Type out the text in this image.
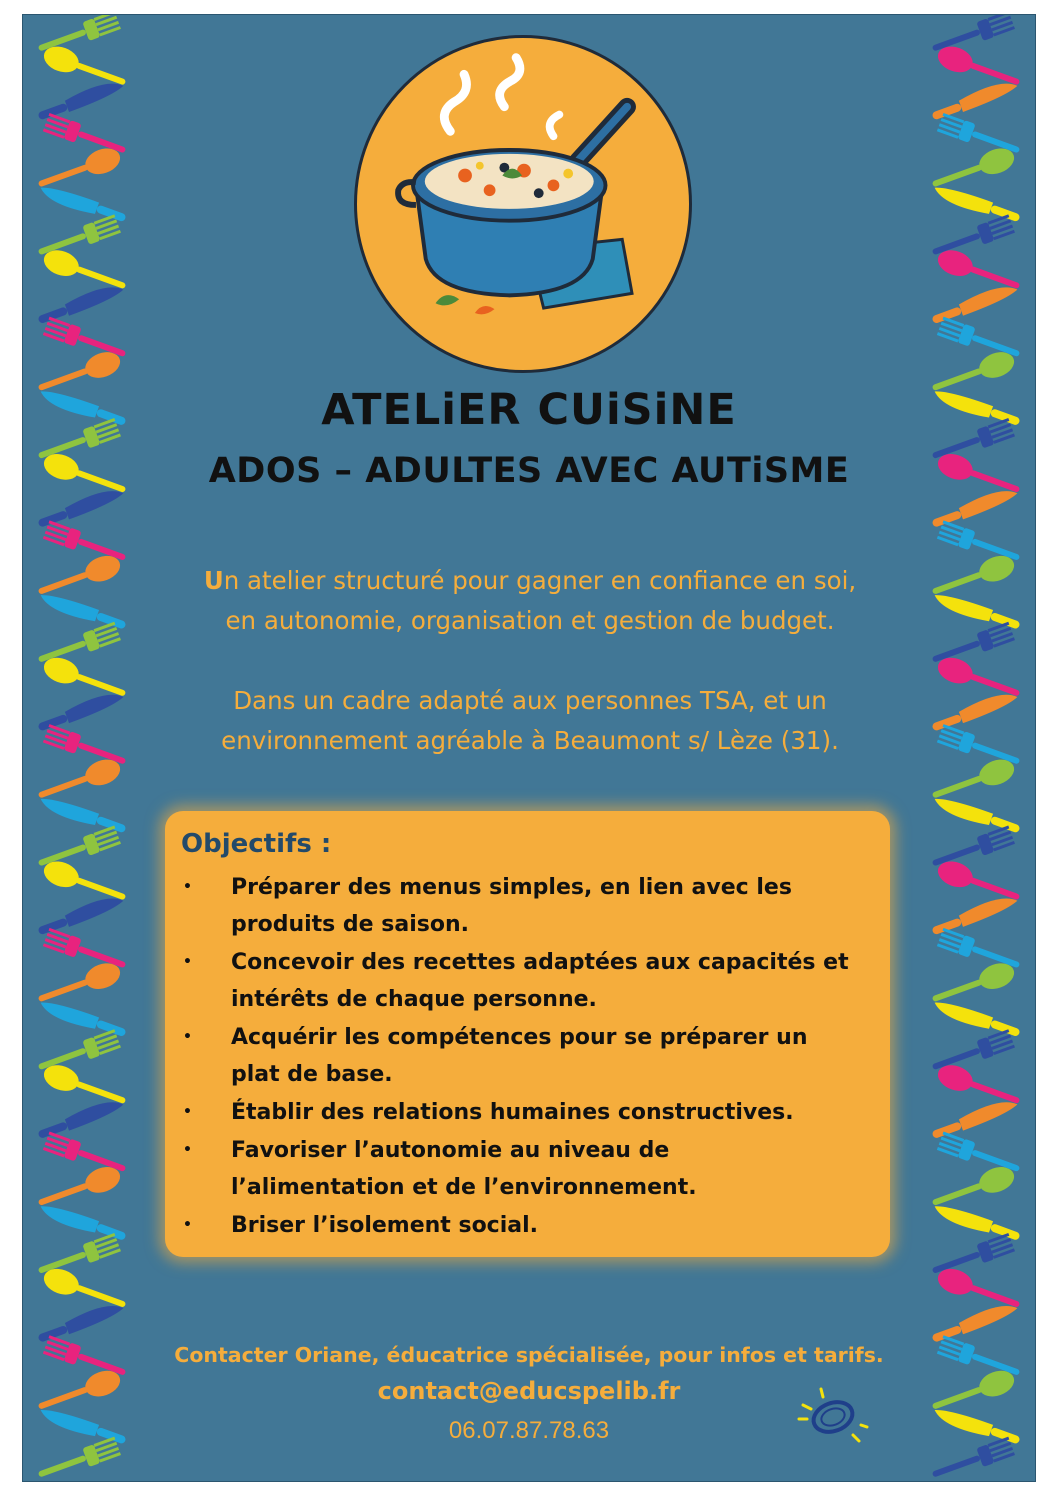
ATELiER CUiSiNE
ADOS – ADULTES AVEC AUTiSME

Un atelier structuré pour gagner en confiance en soi,
en autonomie, organisation et gestion de budget.

Dans un cadre adapté aux personnes TSA, et un
environnement agréable à Beaumont s/ Lèze (31).

Objectifs :
• Préparer des menus simples, en lien avec les
produits de saison.
• Concevoir des recettes adaptées aux capacités et
intérêts de chaque personne.
• Acquérir les compétences pour se préparer un
plat de base.
• Établir des relations humaines constructives.
• Favoriser l’autonomie au niveau de
l’alimentation et de l’environnement.
• Briser l’isolement social.

Contacter Oriane, éducatrice spécialisée, pour infos et tarifs.

contact@educspelib.fr

06.07.87.78.63
